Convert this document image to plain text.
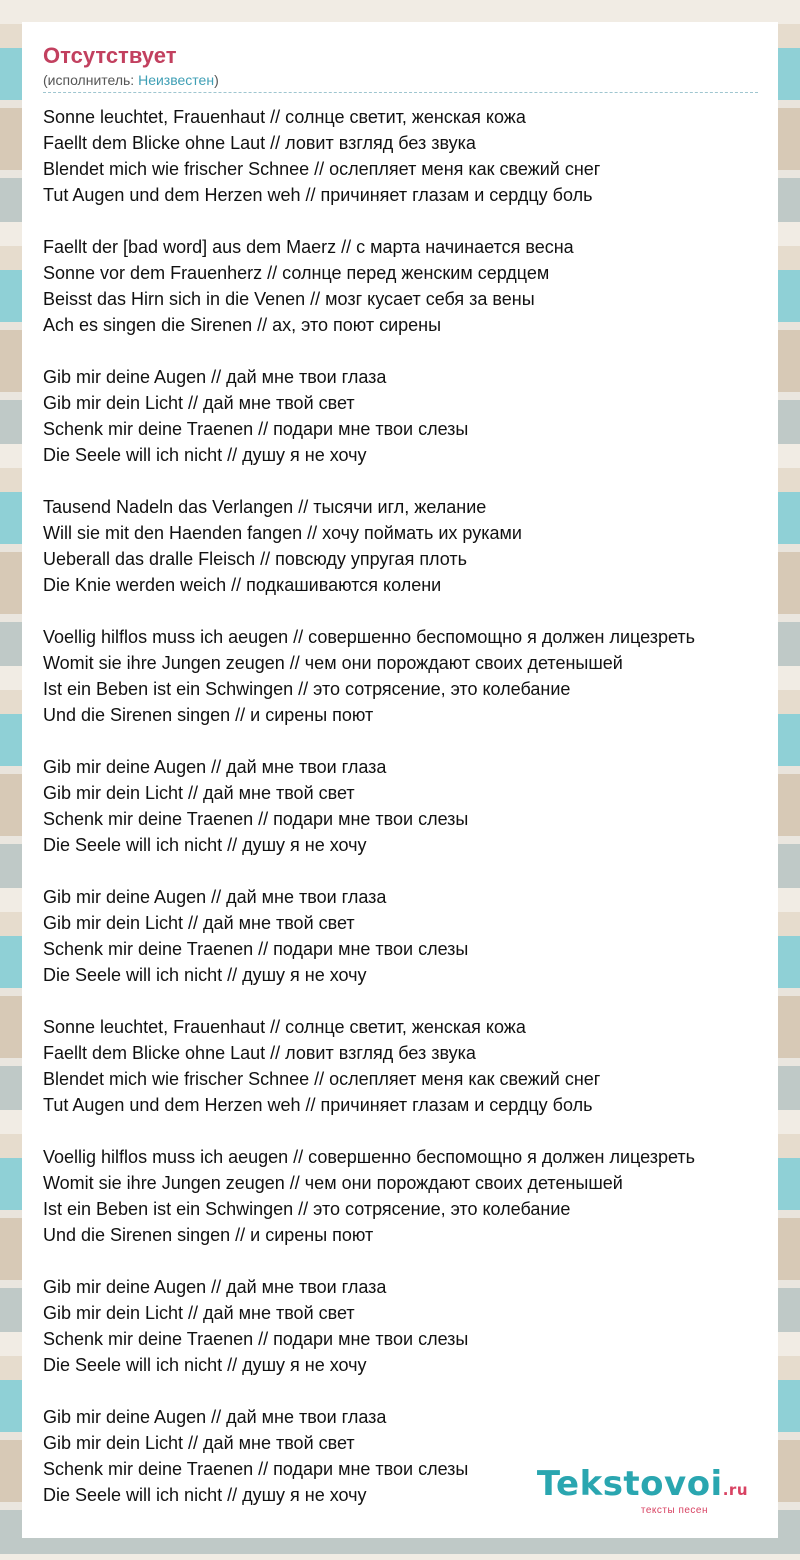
Отсутствует
(исполнитель: Неизвестен)
Sonne leuchtet, Frauenhaut // солнце светит, женская кожа
Faellt dem Blicke ohne Laut // ловит взгляд без звука
Blendet mich wie frischer Schnee // ослепляет меня как свежий снег
Tut Augen und dem Herzen weh // причиняет глазам и сердцу боль
Faellt der [bad word] aus dem Maerz // с марта начинается весна
Sonne vor dem Frauenherz // солнце перед женским сердцем
Beisst das Hirn sich in die Venen // мозг кусает себя за вены
Ach es singen die Sirenen // ах, это поют сирены
Gib mir deine Augen // дай мне твои глаза
Gib mir dein Licht // дай мне твой свет
Schenk mir deine Traenen // подари мне твои слезы
Die Seele will ich nicht // душу я не хочу
Tausend Nadeln das Verlangen // тысячи игл, желание
Will sie mit den Haenden fangen // хочу поймать их руками
Ueberall das dralle Fleisch // повсюду упругая плоть
Die Knie werden weich // подкашиваются колени
Voellig hilflos muss ich aeugen // совершенно беспомощно я должен лицезреть
Womit sie ihre Jungen zeugen // чем они порождают своих детенышей
Ist ein Beben ist ein Schwingen // это сотрясение, это колебание
Und die Sirenen singen // и сирены поют
Gib mir deine Augen // дай мне твои глаза
Gib mir dein Licht // дай мне твой свет
Schenk mir deine Traenen // подари мне твои слезы
Die Seele will ich nicht // душу я не хочу
Gib mir deine Augen // дай мне твои глаза
Gib mir dein Licht // дай мне твой свет
Schenk mir deine Traenen // подари мне твои слезы
Die Seele will ich nicht // душу я не хочу
Sonne leuchtet, Frauenhaut // солнце светит, женская кожа
Faellt dem Blicke ohne Laut // ловит взгляд без звука
Blendet mich wie frischer Schnee // ослепляет меня как свежий снег
Tut Augen und dem Herzen weh // причиняет глазам и сердцу боль
Voellig hilflos muss ich aeugen // совершенно беспомощно я должен лицезреть
Womit sie ihre Jungen zeugen // чем они порождают своих детенышей
Ist ein Beben ist ein Schwingen // это сотрясение, это колебание
Und die Sirenen singen // и сирены поют
Gib mir deine Augen // дай мне твои глаза
Gib mir dein Licht // дай мне твой свет
Schenk mir deine Traenen // подари мне твои слезы
Die Seele will ich nicht // душу я не хочу
Gib mir deine Augen // дай мне твои глаза
Gib mir dein Licht // дай мне твой свет
Schenk mir deine Traenen // подари мне твои слезы
Die Seele will ich nicht // душу я не хочу	Tekstovoi.ru
тексты песен
